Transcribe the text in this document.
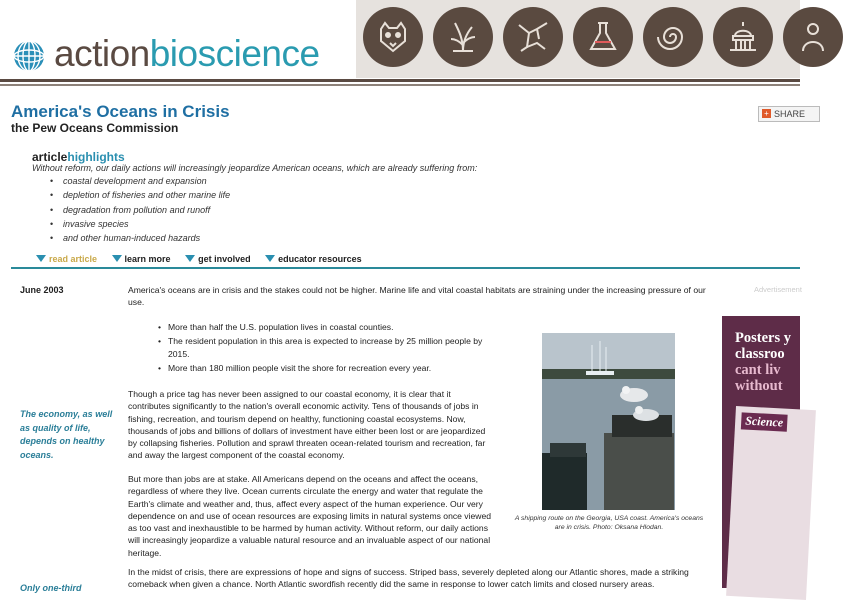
actionbioscience
America's Oceans in Crisis
the Pew Oceans Commission
+ SHARE
articlehighlights
Without reform, our daily actions will increasingly jeopardize American oceans, which are already suffering from:
• coastal development and expansion
• depletion of fisheries and other marine life
• degradation from pollution and runoff
• invasive species
• and other human-induced hazards
read article	learn more	get involved	educator resources
June 2003
The economy, as well as quality of life, depends on healthy oceans.

America's oceans are in crisis and the stakes could not be higher. Marine life and vital coastal habitats are straining under the increasing pressure of our use.

• More than half the U.S. population lives in coastal counties.
• The resident population in this area is expected to increase by 25 million people by 2015.
• More than 180 million people visit the shore for recreation every year.

Though a price tag has never been assigned to our coastal economy, it is clear that it contributes significantly to the nation's overall economic activity. Tens of thousands of jobs in fishing, recreation, and tourism depend on healthy, functioning coastal ecosystems. Now, thousands of jobs and billions of dollars of investment have either been lost or are jeopardized by collapsing fisheries. Pollution and sprawl threaten ocean-related tourism and recreation, far and away the largest component of the coastal economy.

But more than jobs are at stake. All Americans depend on the oceans and affect the oceans, regardless of where they live. Ocean currents circulate the energy and water that regulate the Earth's climate and weather and, thus, affect every aspect of the human experience. Our very dependence on and use of ocean resources are exposing limits in natural systems once viewed as too vast and inexhaustible to be harmed by human activity. Without reform, our daily actions will increasingly jeopardize a valuable natural resource and an invaluable aspect of our national heritage.

In the midst of crisis, there are expressions of hope and signs of success. Striped bass, severely depleted along our Atlantic shores, made a striking comeback when given a chance. North Atlantic swordfish recently did the same in response to lower catch limits and closed nursery areas.

A shipping route on the Georgia, USA coast. America's oceans are in crisis. Photo: Oksana Hlodan.
Advertisement
Posters y
classroo
cant liv
without
Science
Only one-third
